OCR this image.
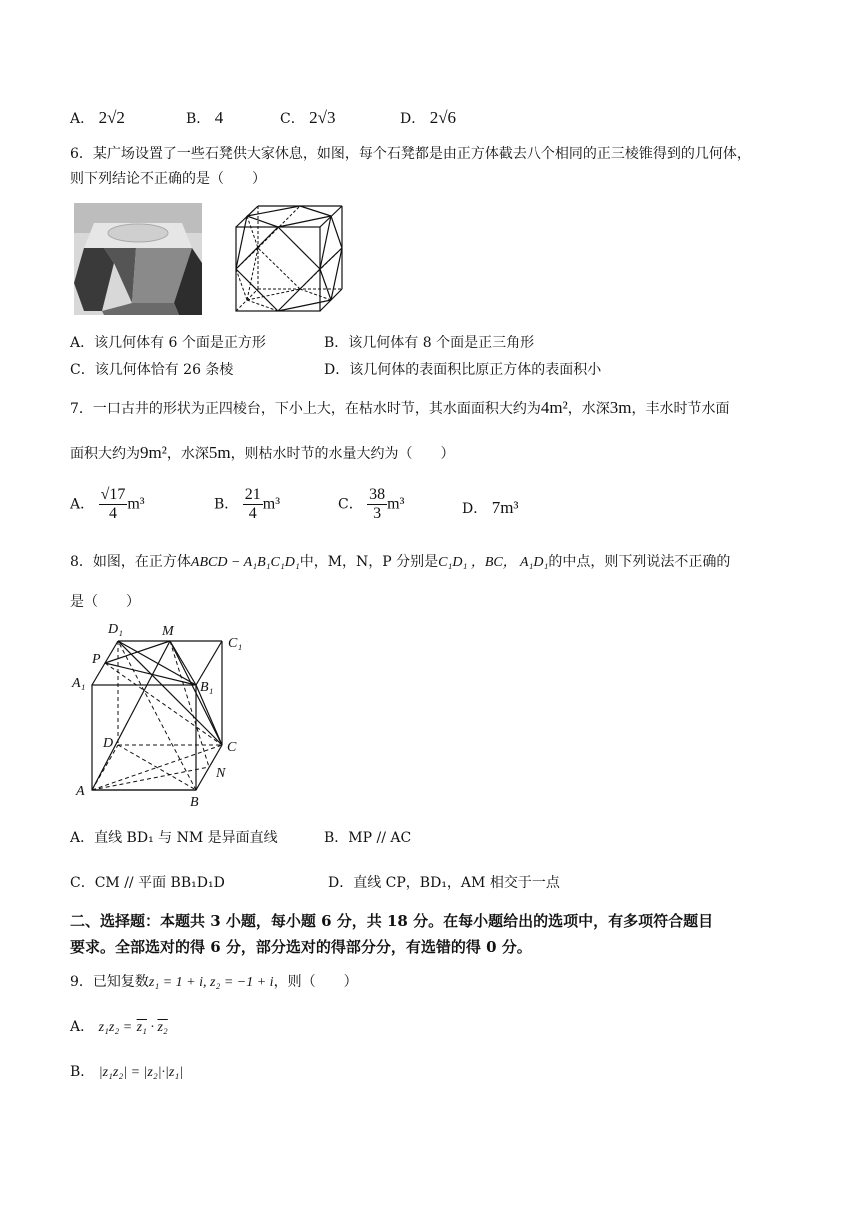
A． 2√2	B． 4	C． 2√3	D． 2√6
6．某广场设置了一些石凳供大家休息，如图，每个石凳都是由正方体截去八个相同的正三棱锥得到的几何体，
则下列结论不正确的是（　　）
A．该几何体有 6 个面是正方形	B．该几何体有 8 个面是正三角形
C．该几何体恰有 26 条棱	D．该几何体的表面积比原正方体的表面积小
7．一口古井的形状为正四棱台，下小上大，在枯水时节，其水面面积大约为4m²，水深3m，丰水时节水面
面积大约为9m²，水深5m，则枯水时节的水量大约为（　　）
A． $\frac{√17}{4} m^3$	B． $\frac{21}{4} m^3$	C． $\frac{38}{3} m^3$	D． 7m³
8．如图，在正方体ABCD − A₁B₁C₁D₁中，M，N，P 分别是C₁D₁ ，BC， A₁D₁的中点，则下列说法不正确的
是（　　）
D₁	M
C₁
P
A₁	B₁
D	C
N
A
B
A．直线 BD₁ 与 NM 是异面直线	B．MP // AC
C．CM // 平面 BB₁D₁D	D．直线 CP，BD₁，AM 相交于一点
二、选择题：本题共 3 小题，每小题 6 分，共 18 分。在每小题给出的选项中，有多项符合题目
要求。全部选对的得 6 分，部分选对的得部分分，有选错的得 0 分。
9．已知复数z₁ = 1 + i, z₂ = −1 + i，则（　　）
A． z₁z₂ = z₁ · z₂
B． |z₁z₂| = |z₂|·|z₁|
